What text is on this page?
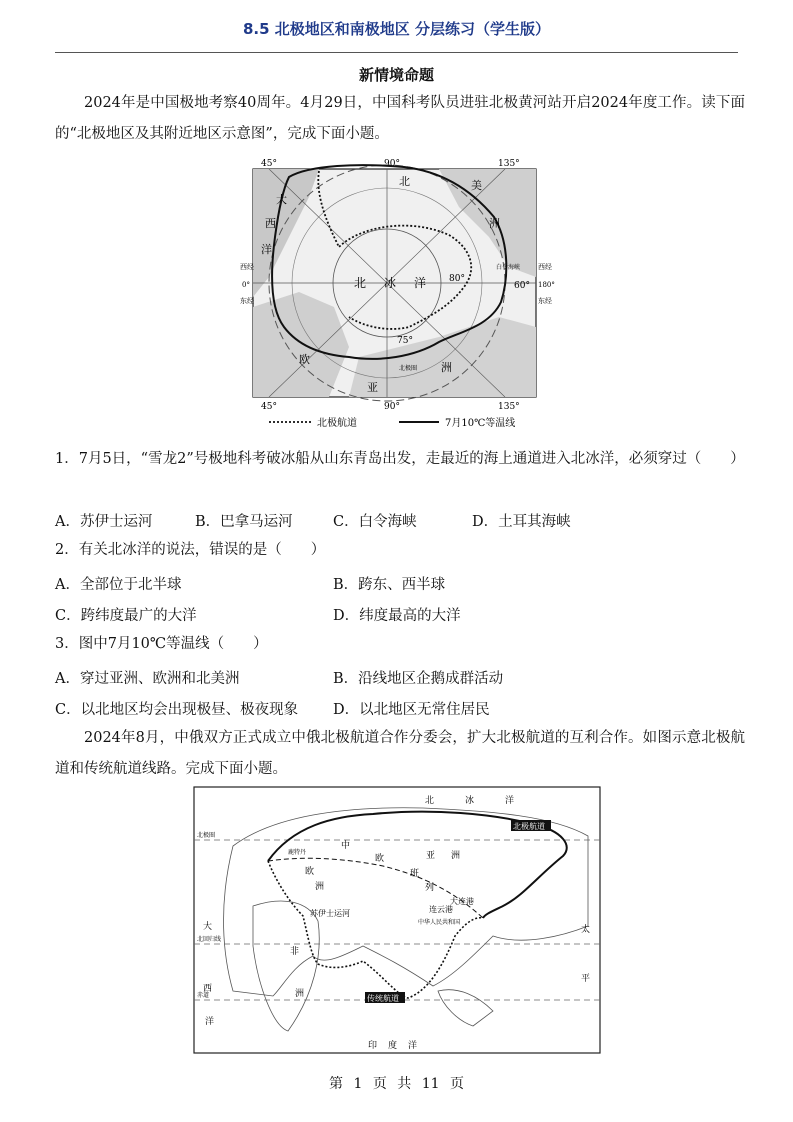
8.5 北极地区和南极地区 分层练习（学生版）
新情境命题
2024年是中国极地考察40周年。4月29日，中国科考队员进驻北极黄河站开启2024年度工作。读下面的“北极地区及其附近地区示意图”，完成下面小题。
45°	90°	135°
大
西
洋
北	美
洲
北 冰 洋	80°
75°
60°
白令海峡
欧
亚
洲
北极圈
西经
0°
东经
西经
180°
东经
45°	90°	135°
北极航道	7月10℃等温线
1．7月5日，“雪龙2”号极地科考破冰船从山东青岛出发，走最近的海上通道进入北冰洋，必须穿过（　　）
A．苏伊士运河	B．巴拿马运河	C．白令海峡	D．土耳其海峡
2．有关北冰洋的说法，错误的是（　　）
A．全部位于北半球	B．跨东、西半球
C．跨纬度最广的大洋	D．纬度最高的大洋
3．图中7月10℃等温线（　　）
A．穿过亚洲、欧洲和北美洲	B．沿线地区企鹅成群活动
C．以北地区均会出现极昼、极夜现象 D．以北地区无常住居民
2024年8月，中俄双方正式成立中俄北极航道合作分委会，扩大北极航道的互利合作。如图示意北极航道和传统航道线路。完成下面小题。
北极圈
北回归线
赤道
北	冰	洋
北极航道
中
欧
班
列
亚 洲
鹿特丹
欧
洲
苏伊士运河
中华人民共和国
大连港
连云港
非
洲
大
西
洋
太
平
传统航道
印 度 洋
第 1 页 共 11 页
